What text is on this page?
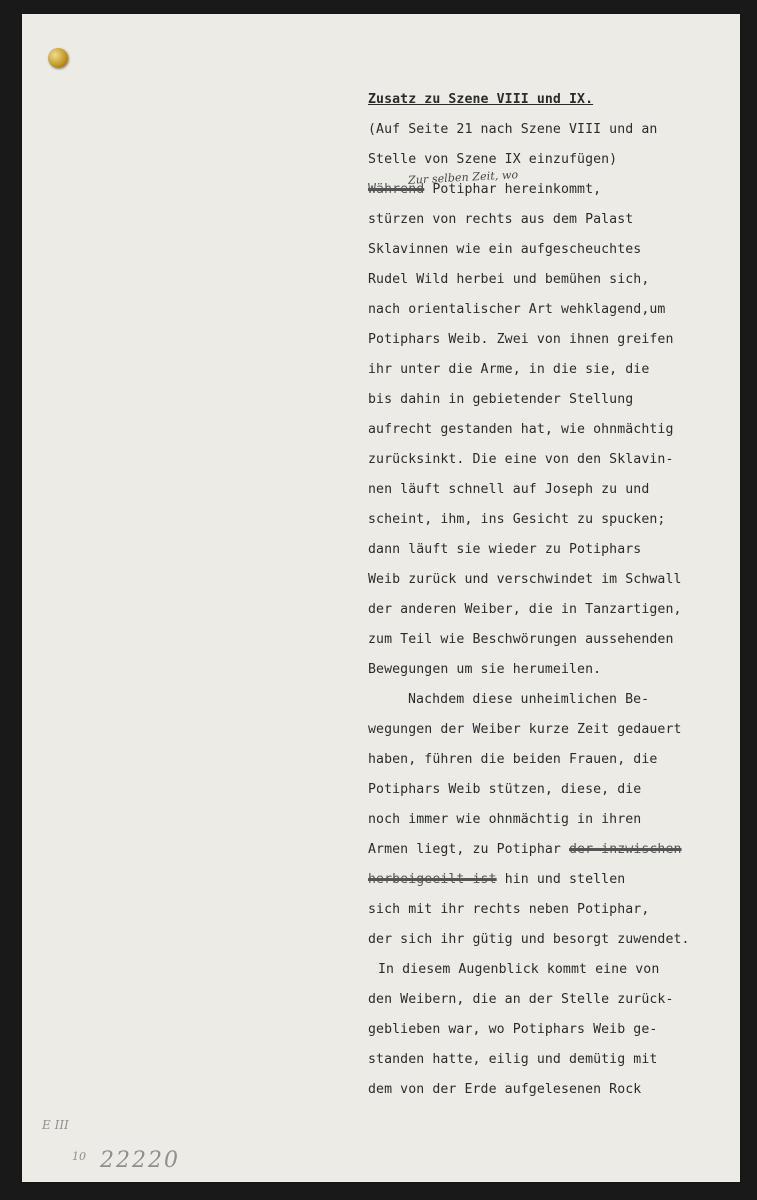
Zusatz zu Szene VIII und IX.
(Auf Seite 21 nach Szene VIII und an
Stelle von Szene IX einzufügen)
Zur selben Zeit, wo
Während Potiphar hereinkommt,
stürzen von rechts aus dem Palast
Sklavinnen wie ein aufgescheuchtes
Rudel Wild herbei und bemühen sich,
nach orientalischer Art wehklagend,um
Potiphars Weib. Zwei von ihnen greifen
ihr unter die Arme, in die sie, die
bis dahin in gebietender Stellung
aufrecht gestanden hat, wie ohnmächtig
zurücksinkt. Die eine von den Sklavin-
nen läuft schnell auf Joseph zu und
scheint, ihm, ins Gesicht zu spucken;
dann läuft sie wieder zu Potiphars
Weib zurück und verschwindet im Schwall
der anderen Weiber, die in Tanzartigen,
zum Teil wie Beschwörungen aussehenden
Bewegungen um sie herumeilen.
Nachdem diese unheimlichen Be-
wegungen der Weiber kurze Zeit gedauert
haben, führen die beiden Frauen, die
Potiphars Weib stützen, diese, die
noch immer wie ohnmächtig in ihren
Armen liegt, zu Potiphar der inzwischen
herbeigeeilt ist hin und stellen
sich mit ihr rechts neben Potiphar,
der sich ihr gütig und besorgt zuwendet.
In diesem Augenblick kommt eine von
den Weibern, die an der Stelle zurück-
geblieben war, wo Potiphars Weib ge-
standen hatte, eilig und demütig mit
dem von der Erde aufgelesenen Rock
E III
10 22220
